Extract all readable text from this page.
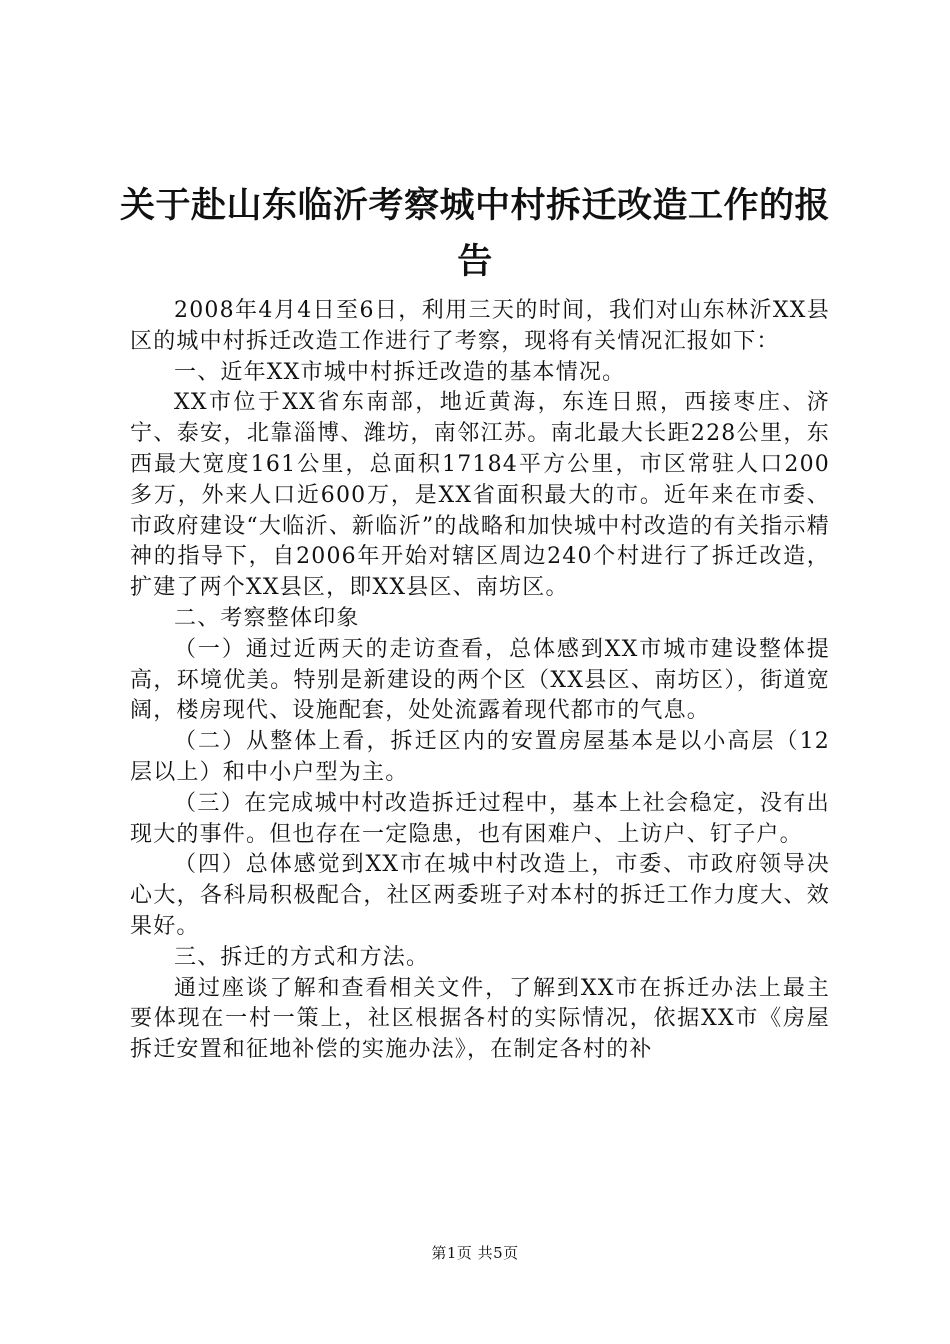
关于赴山东临沂考察城中村拆迁改造工作的报告

2008年4月4日至6日，利用三天的时间，我们对山东林沂XX县区的城中村拆迁改造工作进行了考察，现将有关情况汇报如下：

一、近年XX市城中村拆迁改造的基本情况。

XX市位于XX省东南部，地近黄海，东连日照，西接枣庄、济宁、泰安，北靠淄博、潍坊，南邻江苏。南北最大长距228公里，东西最大宽度161公里，总面积17184平方公里，市区常驻人口200多万，外来人口近600万，是XX省面积最大的市。近年来在市委、市政府建设“大临沂、新临沂”的战略和加快城中村改造的有关指示精神的指导下，自2006年开始对辖区周边240个村进行了拆迁改造，扩建了两个XX县区，即XX县区、南坊区。

二、考察整体印象

（一）通过近两天的走访查看，总体感到XX市城市建设整体提高，环境优美。特别是新建设的两个区（XX县区、南坊区），街道宽阔，楼房现代、设施配套，处处流露着现代都市的气息。

（二）从整体上看，拆迁区内的安置房屋基本是以小高层（12层以上）和中小户型为主。

（三）在完成城中村改造拆迁过程中，基本上社会稳定，没有出现大的事件。但也存在一定隐患，也有困难户、上访户、钉子户。

（四）总体感觉到XX市在城中村改造上，市委、市政府领导决心大，各科局积极配合，社区两委班子对本村的拆迁工作力度大、效果好。

三、拆迁的方式和方法。

通过座谈了解和查看相关文件，了解到XX市在拆迁办法上最主要体现在一村一策上，社区根据各村的实际情况，依据XX市《房屋拆迁安置和征地补偿的实施办法》，在制定各村的补

第1页 共5页
